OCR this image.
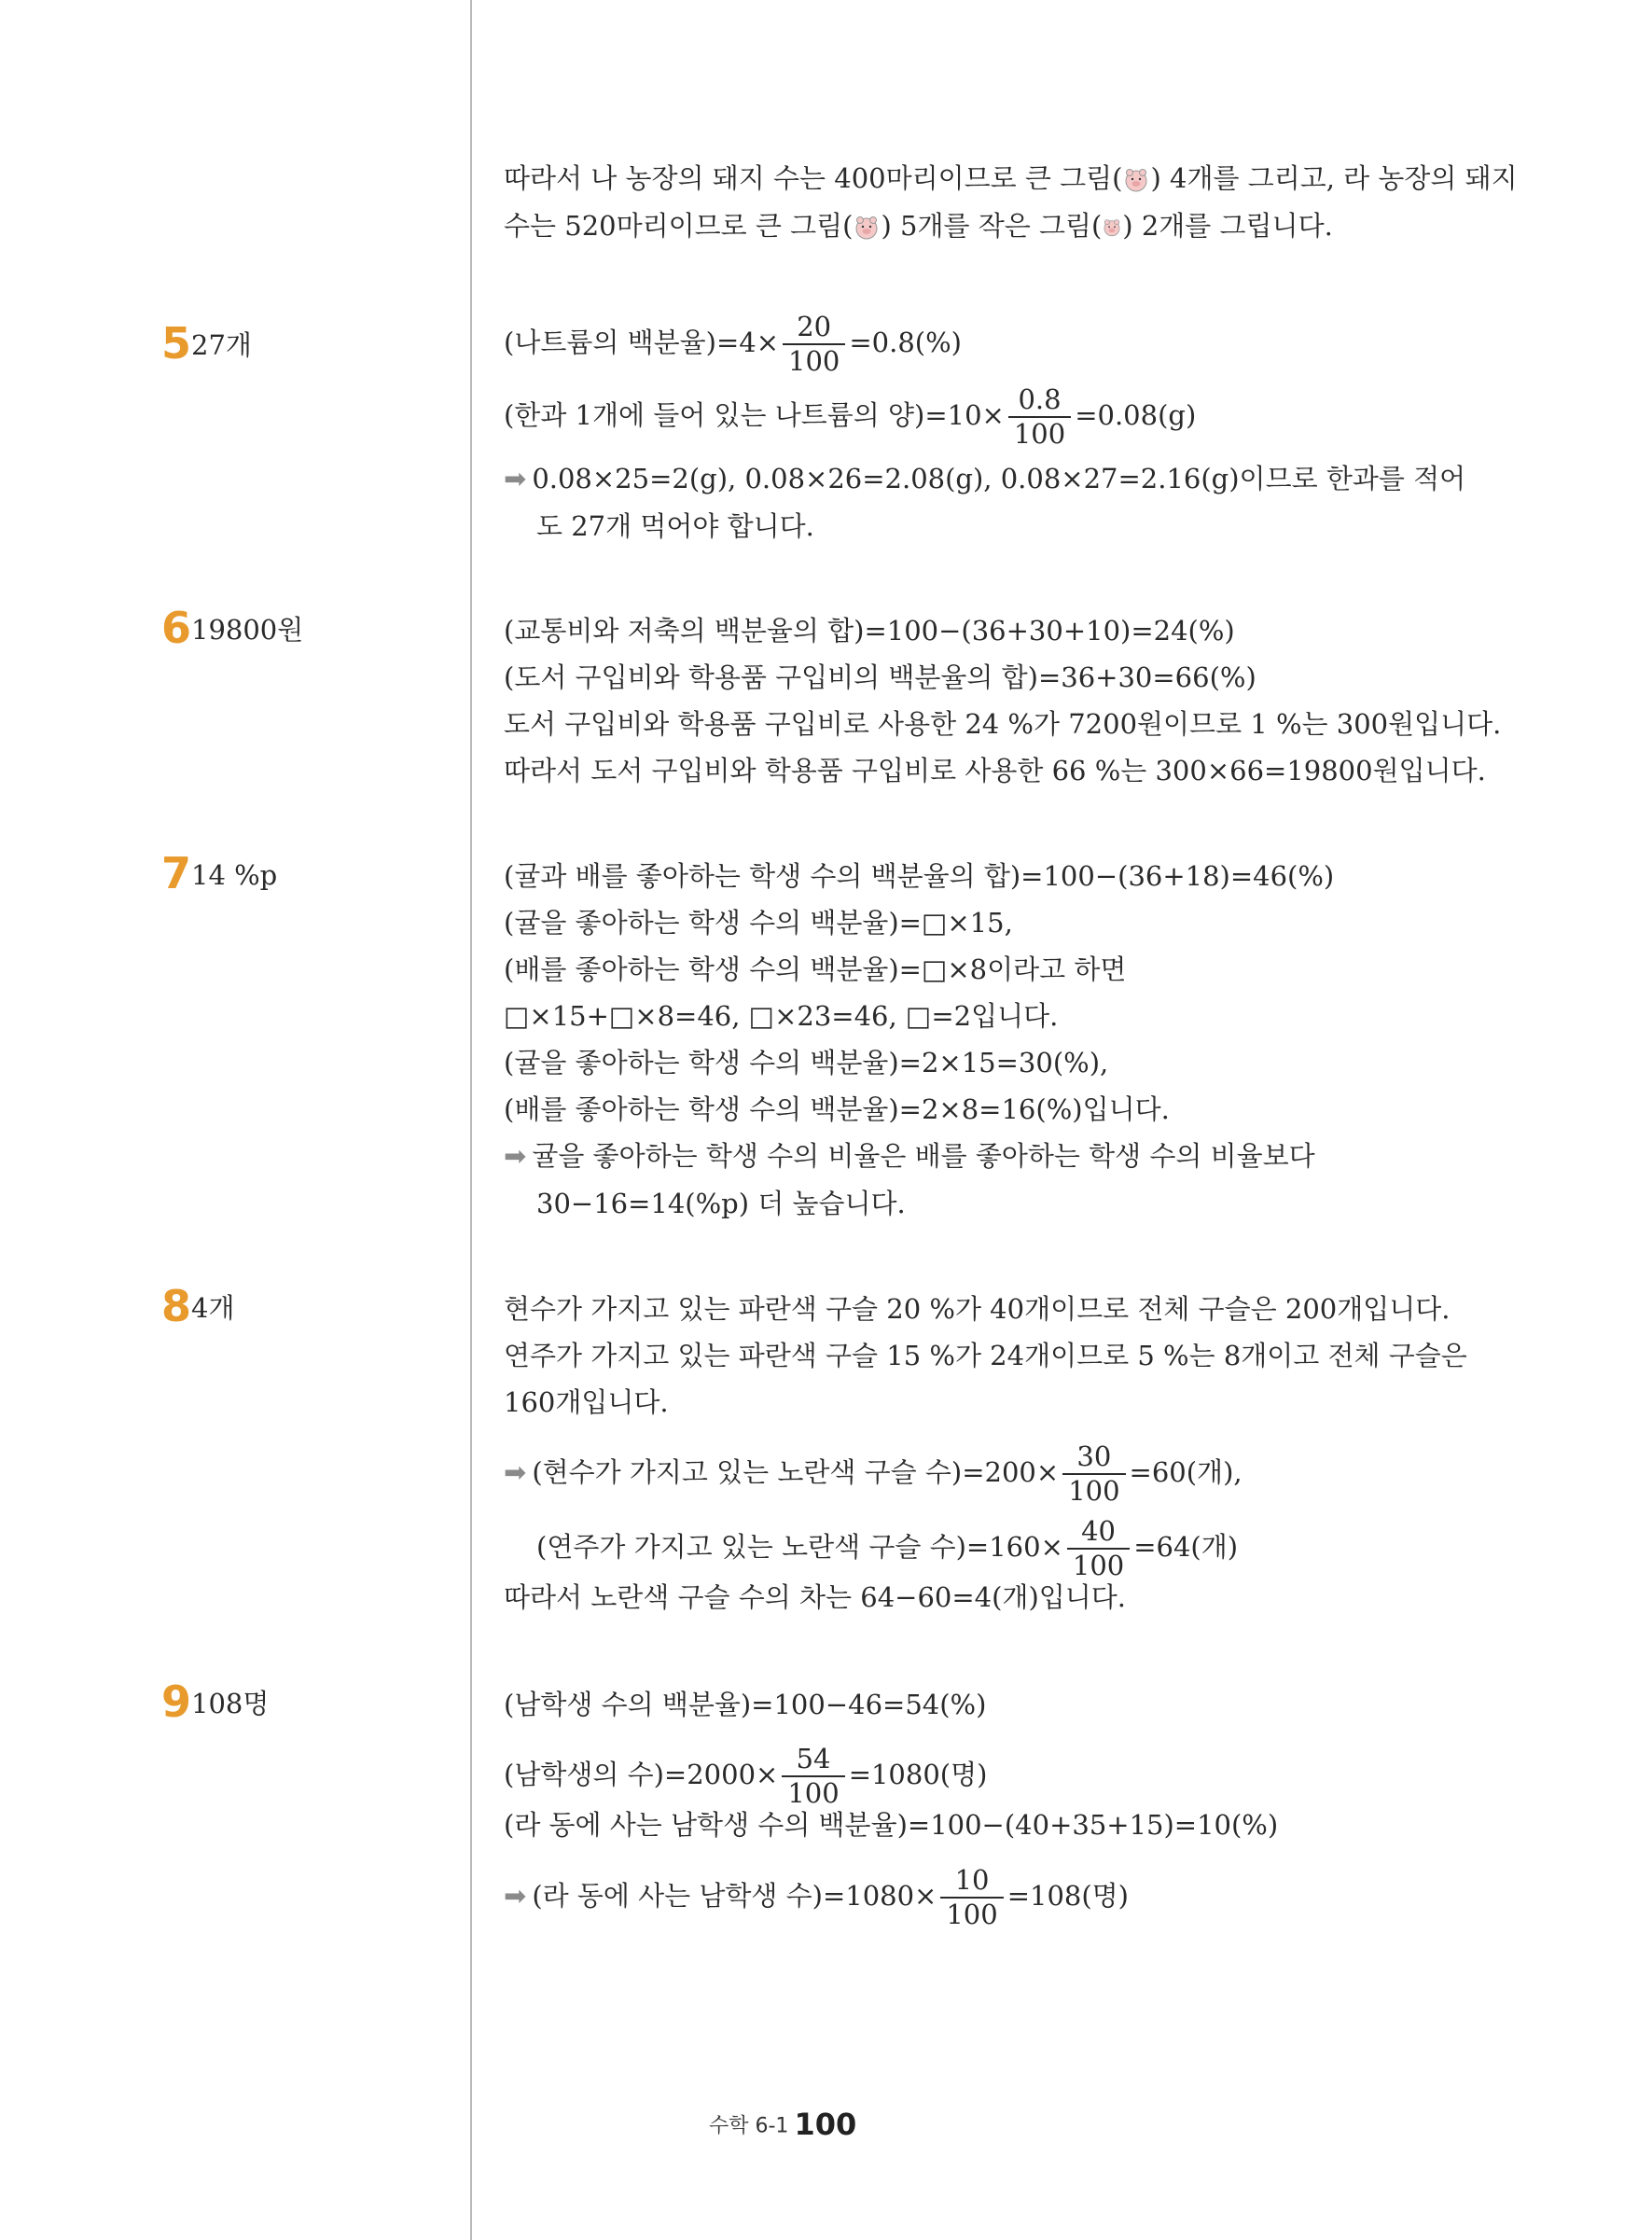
따라서 나 농장의 돼지 수는 400마리이므로 큰 그림( ) 4개를 그리고, 라 농장의 돼지
수는 520마리이므로 큰 그림( ) 5개를 작은 그림( ) 2개를 그립니다.
5 27개	(나트륨의 백분율)$=4\times \frac{20}{100} =0.8(\%)$
(한과 1개에 들어 있는 나트륨의 양)$=10\times \frac{0.8}{100} =0.08(g)$
➡ 0.08×25=2(g), 0.08×26=2.08(g), 0.08×27=2.16(g)이므로 한과를 적어
도 27개 먹어야 합니다.
6 19800원	(교통비와 저축의 백분율의 합)=100−(36+30+10)=24(%)
(도서 구입비와 학용품 구입비의 백분율의 합)=36+30=66(%)
도서 구입비와 학용품 구입비로 사용한 24 %가 7200원이므로 1 %는 300원입니다.
따라서 도서 구입비와 학용품 구입비로 사용한 66 %는 300×66=19800원입니다.
7 14 %p	(귤과 배를 좋아하는 학생 수의 백분율의 합)=100−(36+18)=46(%)
(귤을 좋아하는 학생 수의 백분율)=□×15,
(배를 좋아하는 학생 수의 백분율)=□×8이라고 하면
□×15+□×8=46, □×23=46, □=2입니다.
(귤을 좋아하는 학생 수의 백분율)=2×15=30(%),
(배를 좋아하는 학생 수의 백분율)=2×8=16(%)입니다.
➡ 귤을 좋아하는 학생 수의 비율은 배를 좋아하는 학생 수의 비율보다
30−16=14(%p) 더 높습니다.
8 4개	현수가 가지고 있는 파란색 구슬 20 %가 40개이므로 전체 구슬은 200개입니다.
연주가 가지고 있는 파란색 구슬 15 %가 24개이므로 5 %는 8개이고 전체 구슬은
160개입니다.
➡ (현수가 가지고 있는 노란색 구슬 수)$=200\times \frac{30}{100} =60$(개),
(연주가 가지고 있는 노란색 구슬 수)$=160\times \frac{40}{100} =64$(개)
따라서 노란색 구슬 수의 차는 64−60=4(개)입니다.
9 108명	(남학생 수의 백분율)=100−46=54(%)
(남학생의 수)$=2000\times \frac{54}{100} =1080$(명)
(라 동에 사는 남학생 수의 백분율)=100−(40+35+15)=10(%)
➡ (라 동에 사는 남학생 수)$=1080\times \frac{10}{100} =108$(명)
수학 6-1 100
